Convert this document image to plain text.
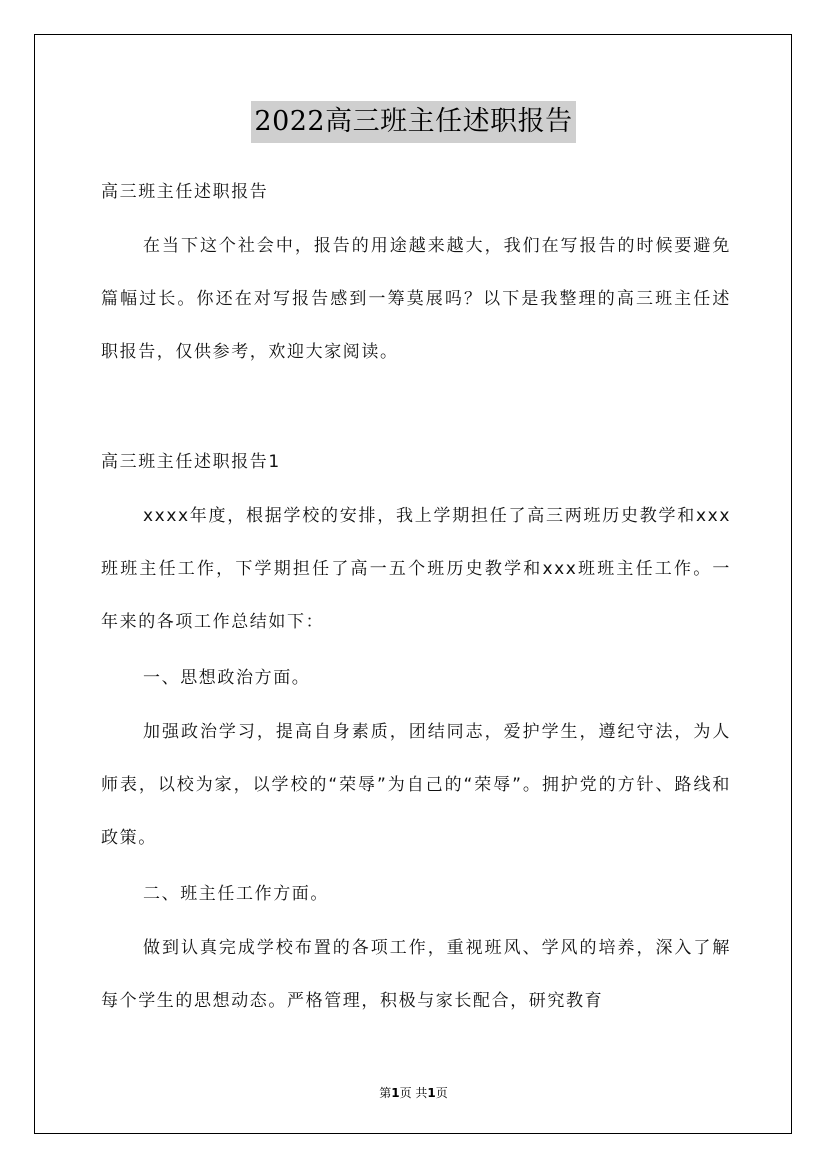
2022高三班主任述职报告

高三班主任述职报告

在当下这个社会中，报告的用途越来越大，我们在写报告的时候要避免篇幅过长。你还在对写报告感到一筹莫展吗？以下是我整理的高三班主任述职报告，仅供参考，欢迎大家阅读。

高三班主任述职报告1

xxxx年度，根据学校的安排，我上学期担任了高三两班历史教学和xxx班班主任工作，下学期担任了高一五个班历史教学和xxx班班主任工作。一年来的各项工作总结如下：

一、思想政治方面。

加强政治学习，提高自身素质，团结同志，爱护学生，遵纪守法，为人师表，以校为家，以学校的“荣辱”为自己的“荣辱”。拥护党的方针、路线和政策。

二、班主任工作方面。

做到认真完成学校布置的各项工作，重视班风、学风的培养，深入了解每个学生的思想动态。严格管理，积极与家长配合，研究教育

第1页 共1页
